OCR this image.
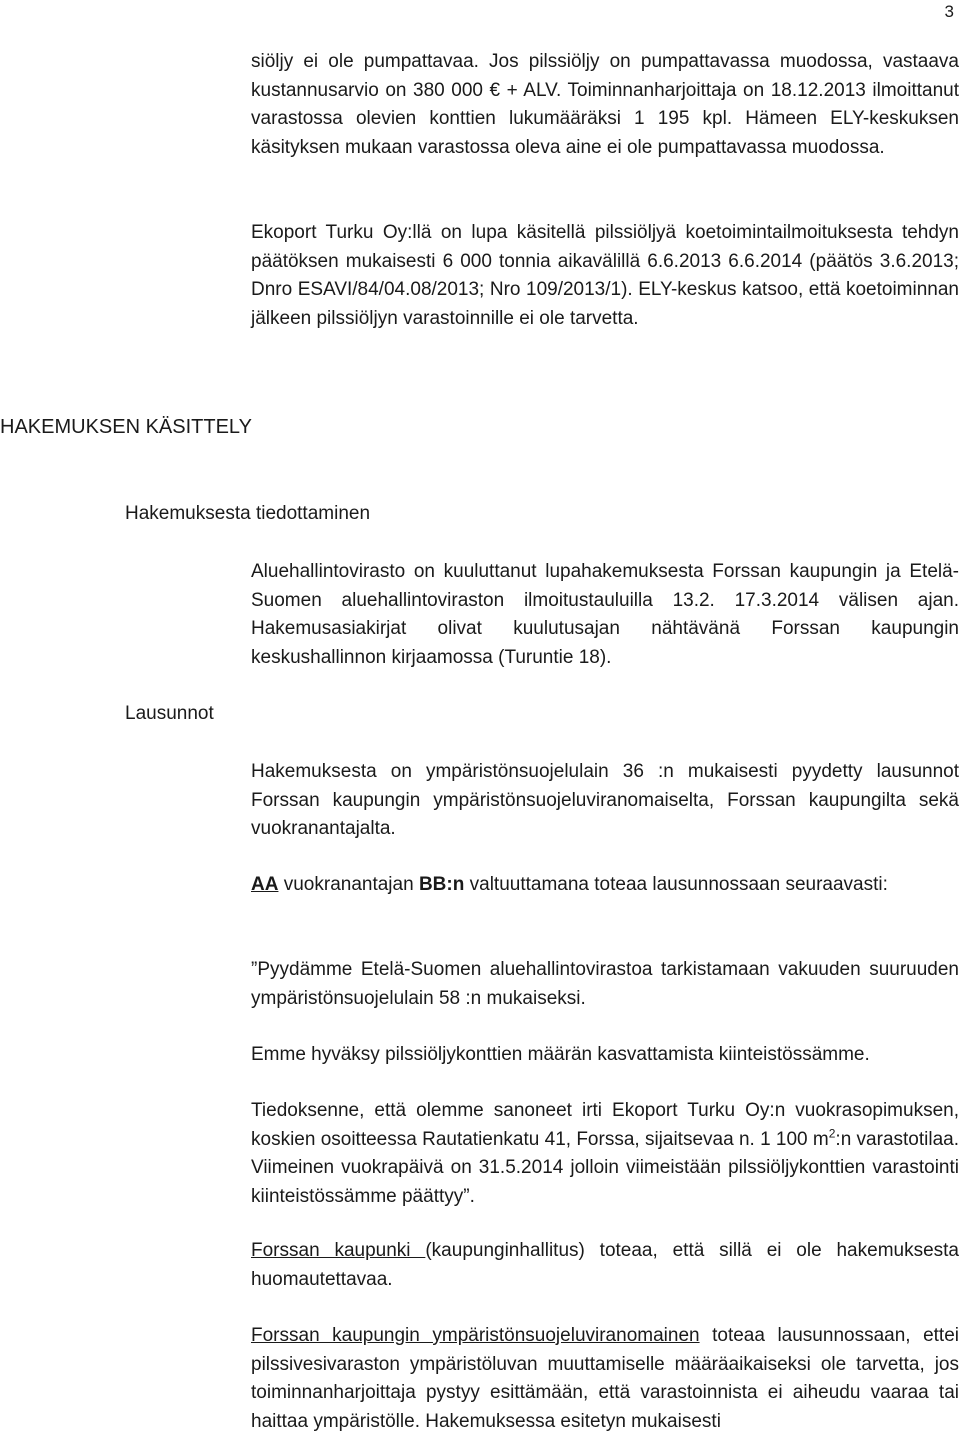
3

siöljy ei ole pumpattavaa. Jos pilssiöljy on pumpattavassa muodossa, vastaava kustannusarvio on 380 000 € + ALV. Toiminnanharjoittaja on 18.12.2013 ilmoittanut varastossa olevien konttien lukumääräksi 1 195 kpl. Hämeen ELY-keskuksen käsityksen mukaan varastossa oleva aine ei ole pumpattavassa muodossa.

Ekoport Turku Oy:llä on lupa käsitellä pilssiöljyä koetoimintailmoituksesta tehdyn päätöksen mukaisesti 6 000 tonnia aikavälillä 6.6.2013 6.6.2014 (päätös 3.6.2013; Dnro ESAVI/84/04.08/2013; Nro 109/2013/1). ELY-keskus katsoo, että koetoiminnan jälkeen pilssiöljyn varastoinnille ei ole tarvetta.

HAKEMUKSEN KÄSITTELY
Hakemuksesta tiedottaminen

Aluehallintovirasto on kuuluttanut lupahakemuksesta Forssan kaupungin ja Etelä-Suomen aluehallintoviraston ilmoitustauluilla 13.2. 17.3.2014 välisen ajan. Hakemusasiakirjat olivat kuulutusajan nähtävänä Forssan kaupungin keskushallinnon kirjaamossa (Turuntie 18).

Lausunnot

Hakemuksesta on ympäristönsuojelulain 36 :n mukaisesti pyydetty lausunnot Forssan kaupungin ympäristönsuojeluviranomaiselta, Forssan kaupungilta sekä vuokranantajalta.

AA vuokranantajan BB:n valtuuttamana toteaa lausunnossaan seuraavasti:

”Pyydämme Etelä-Suomen aluehallintovirastoa tarkistamaan vakuuden suuruuden ympäristönsuojelulain 58 :n mukaiseksi.

Emme hyväksy pilssiöljykonttien määrän kasvattamista kiinteistössämme.

Tiedoksenne, että olemme sanoneet irti Ekoport Turku Oy:n vuokrasopimuksen, koskien osoitteessa Rautatienkatu 41, Forssa, sijaitsevaa n. 1 100 $m^2:n$ varastotilaa. Viimeinen vuokrapäivä on 31.5.2014 jolloin viimeistään pilssiöljykonttien varastointi kiinteistössämme päättyy”.

Forssan kaupunki (kaupunginhallitus) toteaa, että sillä ei ole hakemuksesta huomautettavaa.

Forssan kaupungin ympäristönsuojeluviranomainen toteaa lausunnossaan, ettei pilssivesivaraston ympäristöluvan muuttamiselle määräaikaiseksi ole tarvetta, jos toiminnanharjoittaja pystyy esittämään, että varastoinnista ei aiheudu vaaraa tai haittaa ympäristölle. Hakemuksessa esitetyn mukaisesti
